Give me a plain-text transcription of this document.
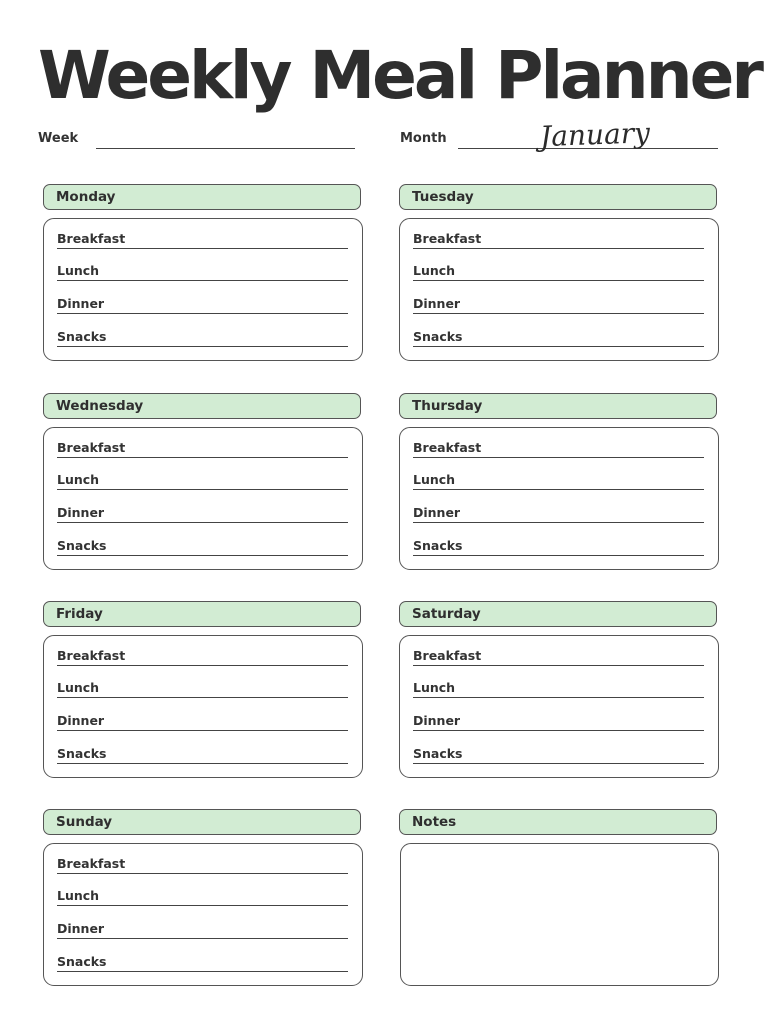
Weekly Meal Planner
Week	Month	January
Monday
Breakfast
Lunch
Dinner
Snacks
Tuesday
Breakfast
Lunch
Dinner
Snacks
Wednesday
Breakfast
Lunch
Dinner
Snacks
Thursday
Breakfast
Lunch
Dinner
Snacks
Friday
Breakfast
Lunch
Dinner
Snacks
Saturday
Breakfast
Lunch
Dinner
Snacks
Sunday
Breakfast
Lunch
Dinner
Snacks
Notes
